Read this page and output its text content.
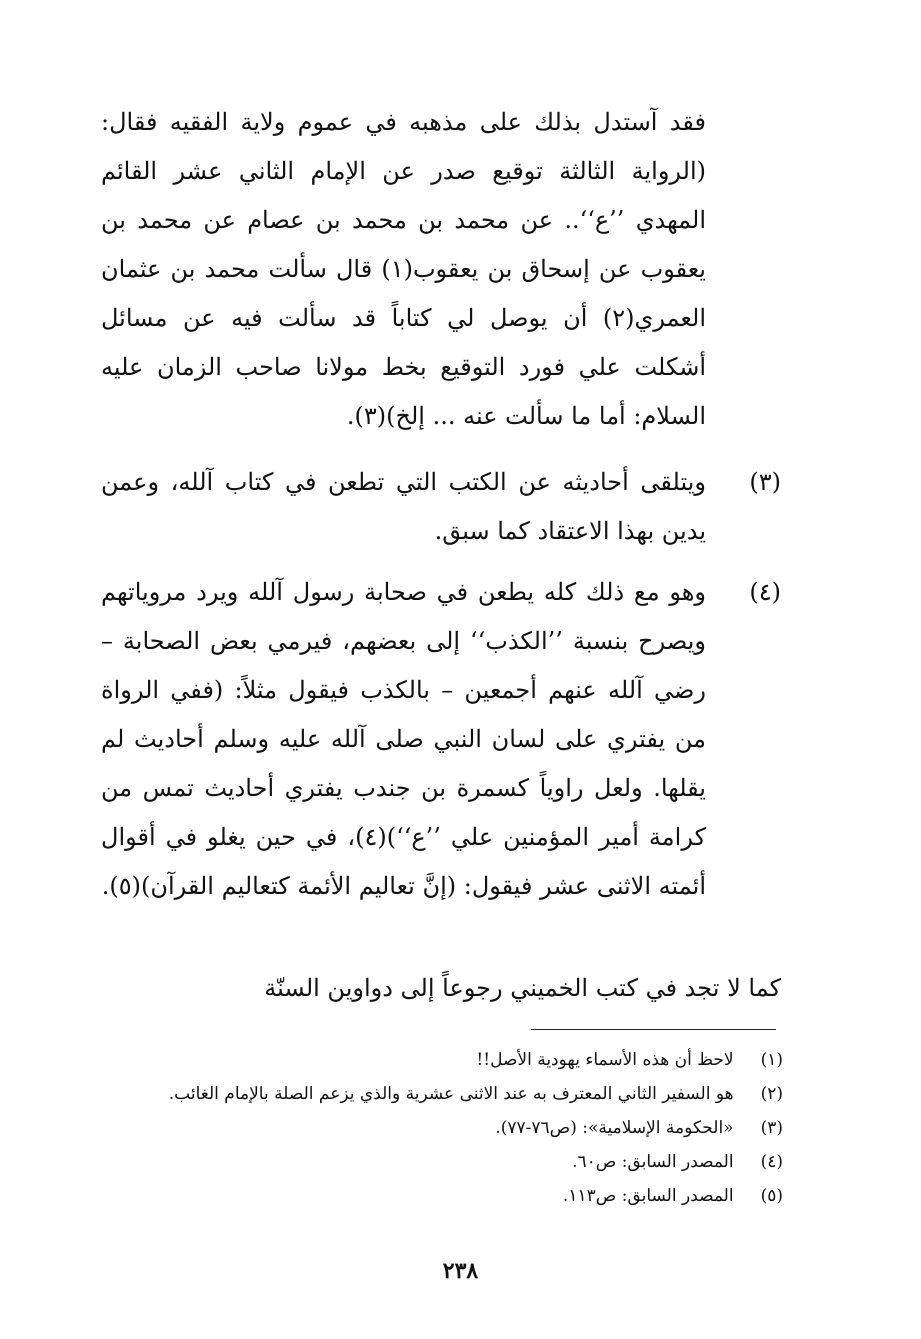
فقد آستدل بذلك على مذهبه في عموم ولاية الفقيه فقال: (الرواية الثالثة توقيع صدر عن الإمام الثاني عشر القائم المهدي ’’ع‘‘.. عن محمد بن محمد بن عصام عن محمد بن يعقوب عن إسحاق بن يعقوب(١) قال سألت محمد بن عثمان العمري(٢) أن يوصل لي كتاباً قد سألت فيه عن مسائل أشكلت علي فورد التوقيع بخط مولانا صاحب الزمان عليه السلام: أما ما سألت عنه ... إلخ)(٣).

(٣)
ويتلقى أحاديثه عن الكتب التي تطعن في كتاب آلله، وعمن يدين بهذا الاعتقاد كما سبق.
(٤)
وهو مع ذلك كله يطعن في صحابة رسول آلله ويرد مروياتهم ويصرح بنسبة ’’الكذب‘‘ إلى بعضهم، فيرمي بعض الصحابة – رضي آلله عنهم أجمعين – بالكذب فيقول مثلاً: (ففي الرواة من يفتري على لسان النبي صلى آلله عليه وسلم أحاديث لم يقلها. ولعل راوياً كسمرة بن جندب يفتري أحاديث تمس من كرامة أمير المؤمنين علي ’’ع‘‘)(٤)، في حين يغلو في أقوال أئمته الاثنى عشر فيقول: (إنَّ تعاليم الأئمة كتعاليم القرآن)(٥).
كما لا تجد في كتب الخميني رجوعاً إلى دواوين السنّة
(١) لاحظ أن هذه الأسماء يهودية الأصل!!
(٢) هو السفير الثاني المعترف به عند الاثنى عشرية والذي يزعم الصلة بالإمام الغائب.
(٣) «الحكومة الإسلامية»: (ص٧٦-٧٧).
(٤) المصدر السابق: ص٦٠.
(٥) المصدر السابق: ص١١٣.
٢٣٨
